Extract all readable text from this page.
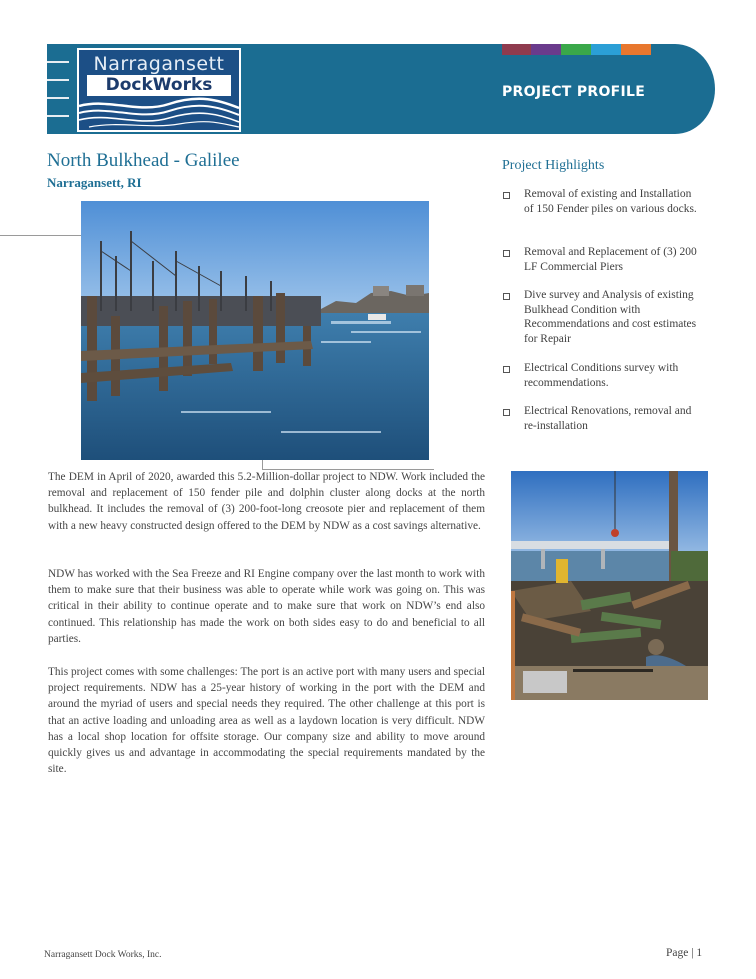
Narragansett
DockWorks	PROJECT PROFILE
North Bulkhead - Galilee
Narragansett, RI
Project Highlights
Removal of existing and Installation of 150 Fender piles on various docks.
Removal and Replacement of (3) 200 LF Commercial Piers
Dive survey and Analysis of existing Bulkhead Condition with Recommendations and cost estimates for Repair
Electrical Conditions survey with recommendations.
Electrical Renovations, removal and re-installation
The DEM in April of 2020, awarded this 5.2-Million-dollar project to NDW. Work included the removal and replacement of 150 fender pile and dolphin cluster along docks at the north bulkhead. It includes the removal of (3) 200-foot-long creosote pier and replacement of them with a new heavy constructed design offered to the DEM by NDW as a cost savings alternative.
NDW has worked with the Sea Freeze and RI Engine company over the last month to work with them to make sure that their business was able to operate while work was going on. This was critical in their ability to continue operate and to make sure that work on NDW’s end also continued. This relationship has made the work on both sides easy to do and beneficial to all parties.
This project comes with some challenges: The port is an active port with many users and special project requirements. NDW has a 25-year history of working in the port with the DEM and around the myriad of users and special needs they required. The other challenge at this port is that an active loading and unloading area as well as a laydown location is very difficult. NDW has a local shop location for offsite storage. Our company size and ability to move around quickly gives us and advantage in accommodating the special requirements mandated by the site.
Narragansett Dock Works, Inc.	Page | 1
